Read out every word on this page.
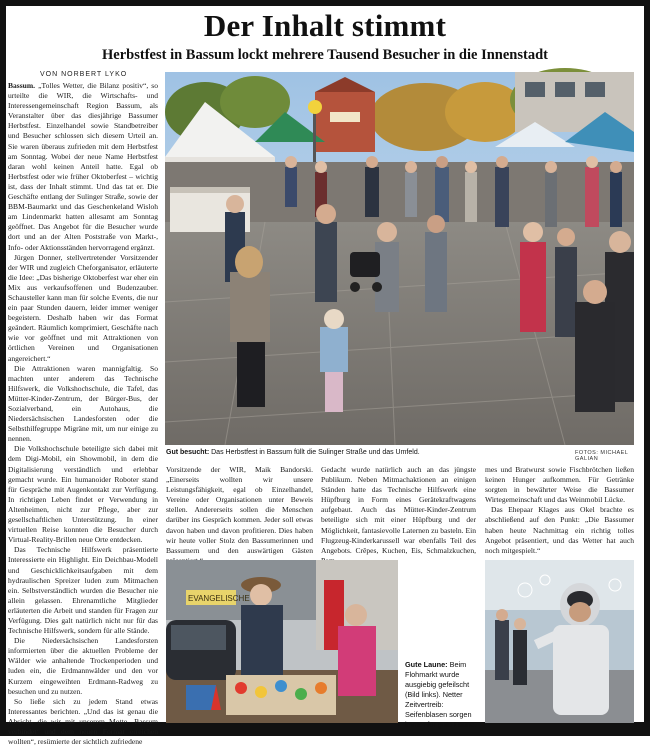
Der Inhalt stimmt
Herbstfest in Bassum lockt mehrere Tausend Besucher in die Innenstadt
VON NORBERT LYKO

Bassum. „Tolles Wetter, die Bilanz positiv“, so urteilte die WIR, die Wirtschafts- und Interessengemeinschaft Region Bassum, als Veranstalter über das diesjährige Bassumer Herbstfest. Einzelhandel sowie Standbetreiber und Besucher schlossen sich diesem Urteil an. Sie waren überaus zufrieden mit dem Herbstfest am Sonntag. Wobei der neue Name Herbstfest daran wohl keinen Anteil hatte. Egal ob Herbstfest oder wie früher Oktoberfest – wichtig ist, dass der Inhalt stimmt. Und das tat er. Die Geschäfte entlang der Sulinger Straße, sowie der BBM-Baumarkt und das Geschenkeland Wisloh am Lindenmarkt hatten allesamt am Sonntag geöffnet. Das Angebot für die Besucher wurde dort und an der Alten Poststraße von Markt-, Info- oder Aktionsständen hervorragend ergänzt.

Jürgen Donner, stellvertretender Vorsitzender der WIR und zugleich Cheforganisator, erläuterte die Idee: „Das bisherige Oktoberfest war eher ein Mix aus verkaufsoffenen und Budenzauber. Schausteller kann man für solche Events, die nur ein paar Stunden dauern, leider immer weniger begeistern. Deshalb haben wir das Format geändert. Räumlich komprimiert, Geschäfte nach wie vor geöffnet und mit Attraktionen von örtlichen Vereinen und Organisationen angereichert.“

Die Attraktionen waren mannigfaltig. So machten unter anderem das Technische Hilfswerk, die Volkshochschule, die Tafel, das Mütter-Kinder-Zentrum, der Bürger-Bus, der Sozialverband, ein Autohaus, die Niedersächsischen Landesforsten oder die Selbsthilfegruppe Migräne mit, um nur einige zu nennen.

Die Volkshochschule beteiligte sich dabei mit dem Digi-Mobil, ein Showmobil, in dem die Digitalisierung verständlich und erlebbar gemacht wurde. Ein humanoider Roboter stand für Gespräche mit Augenkontakt zur Verfügung. In richtigen Leben findet er Verwendung in Altenheimen, nicht zur Pflege, aber zur gesellschaftlichen Unterstützung. In einer virtuellen Reise konnten die Besucher durch Virtual-Reality-Brillen neue Orte entdecken.

Das Technische Hilfswerk präsentierte Interessierte ein Highlight. Ein Deichbau-Modell und Geschicklichkeitsaufgaben mit dem hydraulischen Spreizer luden zum Mitmachen ein. Selbstverständlich wurden die Besucher nie allein gelassen. Ehrenamtliche Mitglieder erläuterten die Arbeit und standen für Fragen zur Verfügung. Dies galt natürlich nicht nur für das Technische Hilfswerk, sondern für alle Stände.

Die Niedersächsischen Landesforsten informierten über die aktuellen Probleme der Wälder wie anhaltende Trockenperioden und luden ein, die Erdmannwälder und den vor Kurzem eingeweihten Erdmann-Radweg zu besuchen und zu nutzen.

So ließe sich zu jedem Stand etwas Interessantes berichten. „Und das ist genau die Absicht, die wir mit unserem Motto ‚Bassum verbindet‘ und dem neuen Format erreichen wollten“, resümierte der sichtlich zufriedene

Gut besucht: Das Herbstfest in Bassum füllt die Sulinger Straße und das Umfeld.	FOTOS: MICHAEL GALIAN

Vorsitzende der WIR, Maik Bandorski. „Einerseits wollten wir unsere Leistungsfähigkeit, egal ob Einzelhandel, Vereine oder Organisationen unter Beweis stellen. Andererseits sollen die Menschen darüber ins Gespräch kommen. Jeder soll etwas davon haben und davon profitieren. Dies haben wir heute voller Stolz den Bassumerinnen und Bassumern und den auswärtigen Gästen

Gedacht wurde natürlich auch an das jüngste Publikum. Neben Mitmachaktionen an einigen Ständen hatte das Technische Hilfswerk eine Hüpfburg in Form eines Gerätekraftwagens aufgebaut. Auch das Mütter-Kinder-Zentrum beteiligte sich mit einer Hüpfburg und der Möglichkeit, fantasievolle Laternen zu basteln. Ein Flugzeug-Kinderkarussell war ebenfalls Teil des Angebots. Crêpes, Kuchen, Eis, Schmalzkuchen,

mes und Bratwurst sowie Fischbrötchen ließen keinen Hunger aufkommen. Für Getränke sorgten in bewährter Weise die Bassumer Wirtegemeinschaft und das Weinmobil Lücke.

Das Ehepaar Klages aus Okel brachte es abschließend auf den Punkt: „Die Bassumer haben heute Nachmittag ein richtig tolles Angebot präsentiert, und das Wetter hat auch noch mitgespielt.“

EVANGELISCHE
Gute Laune: Beim Flohmarkt wurde ausgiebig gefeilscht (Bild links). Netter Zeitvertreib: Seifenblasen sorgen immer für gute Laune.
